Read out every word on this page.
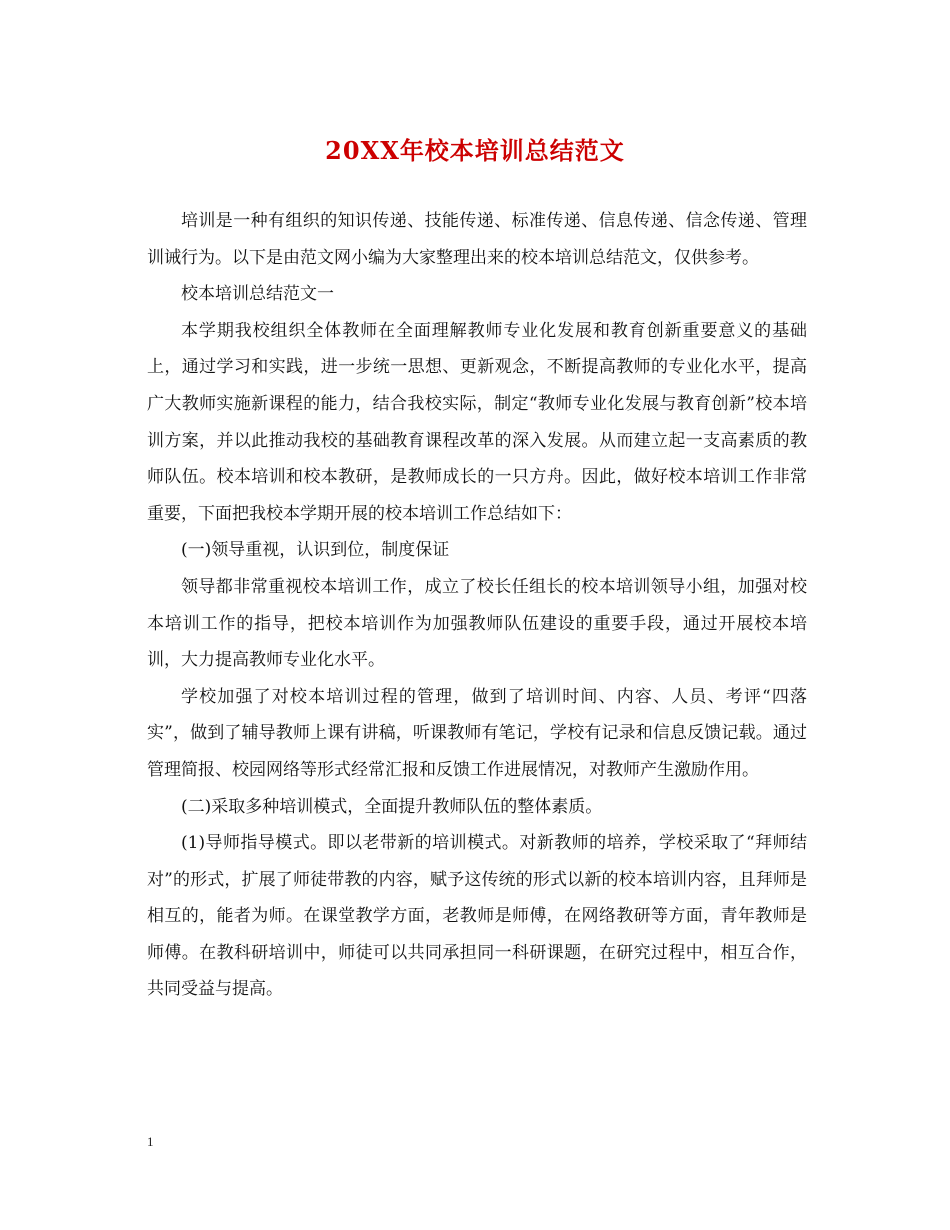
20XX年校本培训总结范文

培训是一种有组织的知识传递、技能传递、标准传递、信息传递、信念传递、管理训诫行为。以下是由范文网小编为大家整理出来的校本培训总结范文，仅供参考。

校本培训总结范文一

本学期我校组织全体教师在全面理解教师专业化发展和教育创新重要意义的基础上，通过学习和实践，进一步统一思想、更新观念，不断提高教师的专业化水平，提高广大教师实施新课程的能力，结合我校实际，制定“教师专业化发展与教育创新”校本培训方案，并以此推动我校的基础教育课程改革的深入发展。从而建立起一支高素质的教师队伍。校本培训和校本教研，是教师成长的一只方舟。因此，做好校本培训工作非常重要，下面把我校本学期开展的校本培训工作总结如下：

(一)领导重视，认识到位，制度保证

领导都非常重视校本培训工作，成立了校长任组长的校本培训领导小组，加强对校本培训工作的指导，把校本培训作为加强教师队伍建设的重要手段，通过开展校本培训，大力提高教师专业化水平。

学校加强了对校本培训过程的管理，做到了培训时间、内容、人员、考评“四落实”，做到了辅导教师上课有讲稿，听课教师有笔记，学校有记录和信息反馈记载。通过管理简报、校园网络等形式经常汇报和反馈工作进展情况，对教师产生激励作用。

(二)采取多种培训模式，全面提升教师队伍的整体素质。

(1)导师指导模式。即以老带新的培训模式。对新教师的培养，学校采取了“拜师结对”的形式，扩展了师徒带教的内容，赋予这传统的形式以新的校本培训内容，且拜师是相互的，能者为师。在课堂教学方面，老教师是师傅，在网络教研等方面，青年教师是师傅。在教科研培训中，师徒可以共同承担同一科研课题，在研究过程中，相互合作，共同受益与提高。

1
